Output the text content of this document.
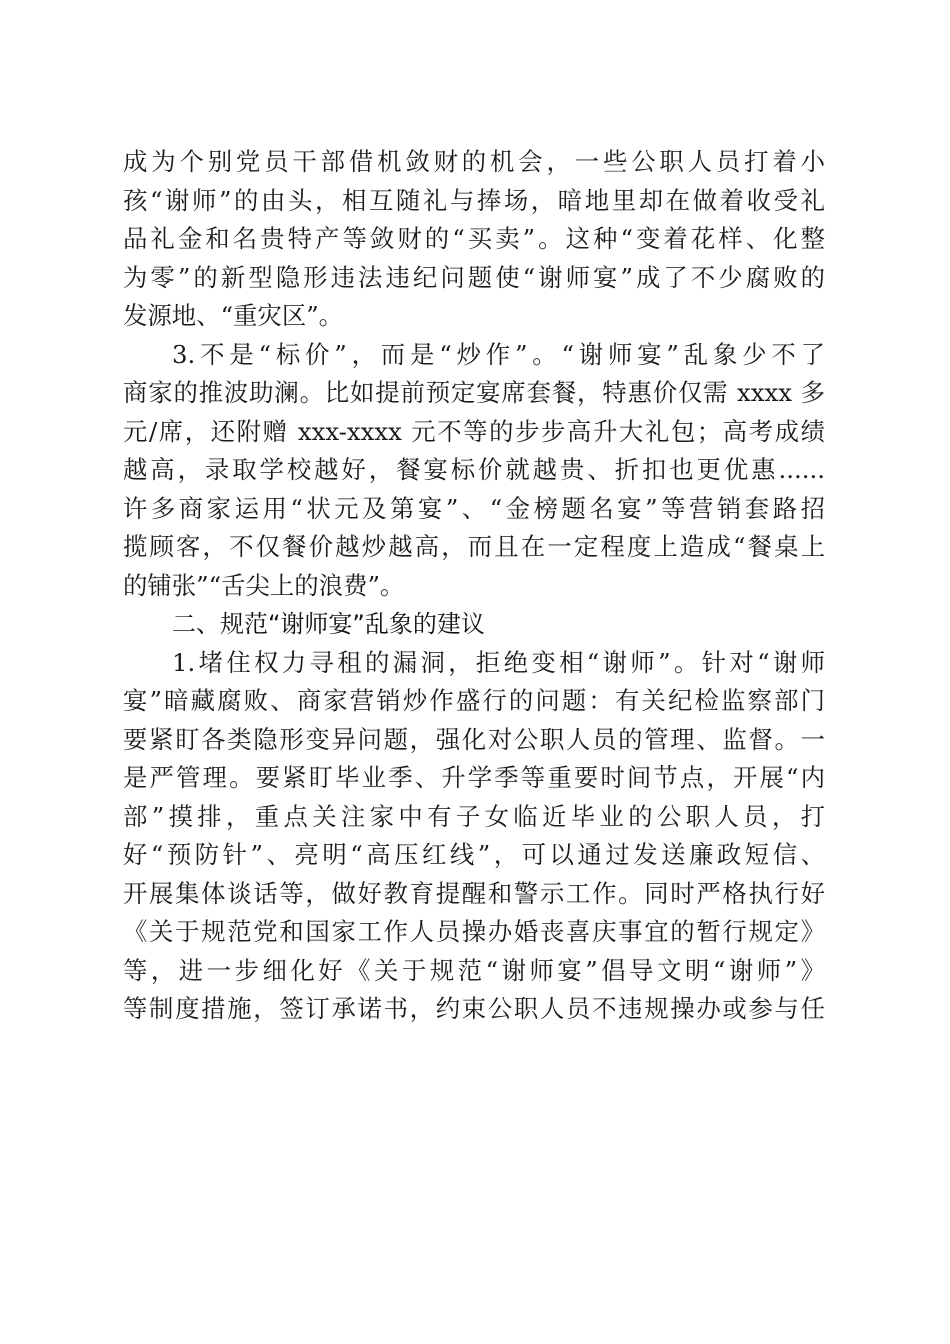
成为个别党员干部借机敛财的机会，一些公职人员打着小
孩“谢师”的由头，相互随礼与捧场，暗地里却在做着收受礼
品礼金和名贵特产等敛财的“买卖”。这种“变着花样、化整
为零”的新型隐形违法违纪问题使“谢师宴”成了不少腐败的
发源地、“重灾区”。
3.不是“标价”，而是“炒作”。“谢师宴”乱象少不了
商家的推波助澜。比如提前预定宴席套餐，特惠价仅需 xxxx 多
元/席，还附赠 xxx-xxxx 元不等的步步高升大礼包；高考成绩
越高，录取学校越好，餐宴标价就越贵、折扣也更优惠......
许多商家运用“状元及第宴”、“金榜题名宴”等营销套路招
揽顾客，不仅餐价越炒越高，而且在一定程度上造成“餐桌上
的铺张”“舌尖上的浪费”。
二、规范“谢师宴”乱象的建议
1.堵住权力寻租的漏洞，拒绝变相“谢师”。针对“谢师
宴”暗藏腐败、商家营销炒作盛行的问题：有关纪检监察部门
要紧盯各类隐形变异问题，强化对公职人员的管理、监督。一
是严管理。要紧盯毕业季、升学季等重要时间节点，开展“内
部”摸排，重点关注家中有子女临近毕业的公职人员，打
好“预防针”、亮明“高压红线”，可以通过发送廉政短信、
开展集体谈话等，做好教育提醒和警示工作。同时严格执行好
《关于规范党和国家工作人员操办婚丧喜庆事宜的暂行规定》
等，进一步细化好《关于规范“谢师宴”倡导文明“谢师”》
等制度措施，签订承诺书，约束公职人员不违规操办或参与任
